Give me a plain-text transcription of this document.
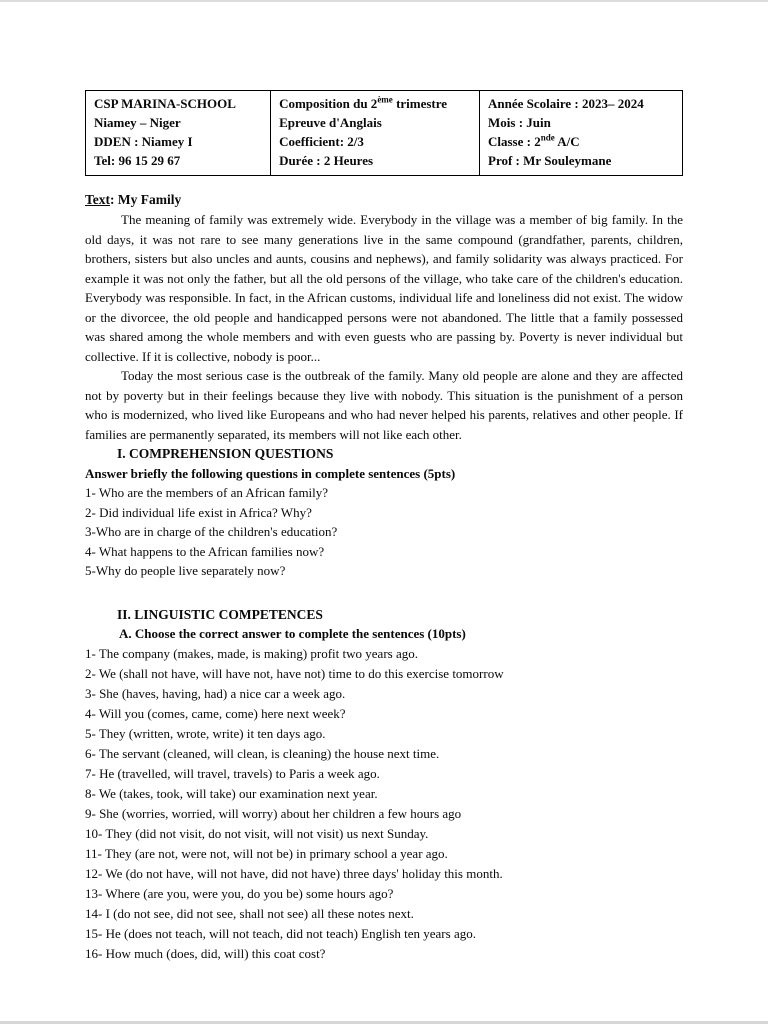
CSP MARINA-SCHOOL
Niamey – Niger
DDEN : Niamey I
Tel: 96 15 29 67

Composition du 2ème trimestre
Epreuve d'Anglais
Coefficient: 2/3
Durée : 2 Heures

Année Scolaire : 2023– 2024
Mois : Juin
Classe : 2nde A/C
Prof : Mr Souleymane
Text: My Family
The meaning of family was extremely wide. Everybody in the village was a member of big family. In the old days, it was not rare to see many generations live in the same compound (grandfather, parents, children, brothers, sisters but also uncles and aunts, cousins and nephews), and family solidarity was always practiced. For example it was not only the father, but all the old persons of the village, who take care of the children's education. Everybody was responsible. In fact, in the African customs, individual life and loneliness did not exist. The widow or the divorcee, the old people and handicapped persons were not abandoned. The little that a family possessed was shared among the whole members and with even guests who are passing by. Poverty is never individual but collective. If it is collective, nobody is poor...
Today the most serious case is the outbreak of the family. Many old people are alone and they are affected not by poverty but in their feelings because they live with nobody. This situation is the punishment of a person who is modernized, who lived like Europeans and who had never helped his parents, relatives and other people. If families are permanently separated, its members will not like each other.
I. COMPREHENSION QUESTIONS
Answer briefly the following questions in complete sentences (5pts)
1- Who are the members of an African family?
2- Did individual life exist in Africa? Why?
3-Who are in charge of the children's education?
4- What happens to the African families now?
5-Why do people live separately now?
II. LINGUISTIC COMPETENCES
A. Choose the correct answer to complete the sentences (10pts)
1- The company (makes, made, is making) profit two years ago.
2- We (shall not have, will have not, have not) time to do this exercise tomorrow
3- She (haves, having, had) a nice car a week ago.
4- Will you (comes, came, come) here next week?
5- They (written, wrote, write) it ten days ago.
6- The servant (cleaned, will clean, is cleaning) the house next time.
7- He (travelled, will travel, travels) to Paris a week ago.
8- We (takes, took, will take) our examination next year.
9- She (worries, worried, will worry) about her children a few hours ago
10- They (did not visit, do not visit, will not visit) us next Sunday.
11- They (are not, were not, will not be) in primary school a year ago.
12- We (do not have, will not have, did not have) three days' holiday this month.
13- Where (are you, were you, do you be) some hours ago?
14- I (do not see, did not see, shall not see) all these notes next.
15- He (does not teach, will not teach, did not teach) English ten years ago.
16- How much (does, did, will) this coat cost?
